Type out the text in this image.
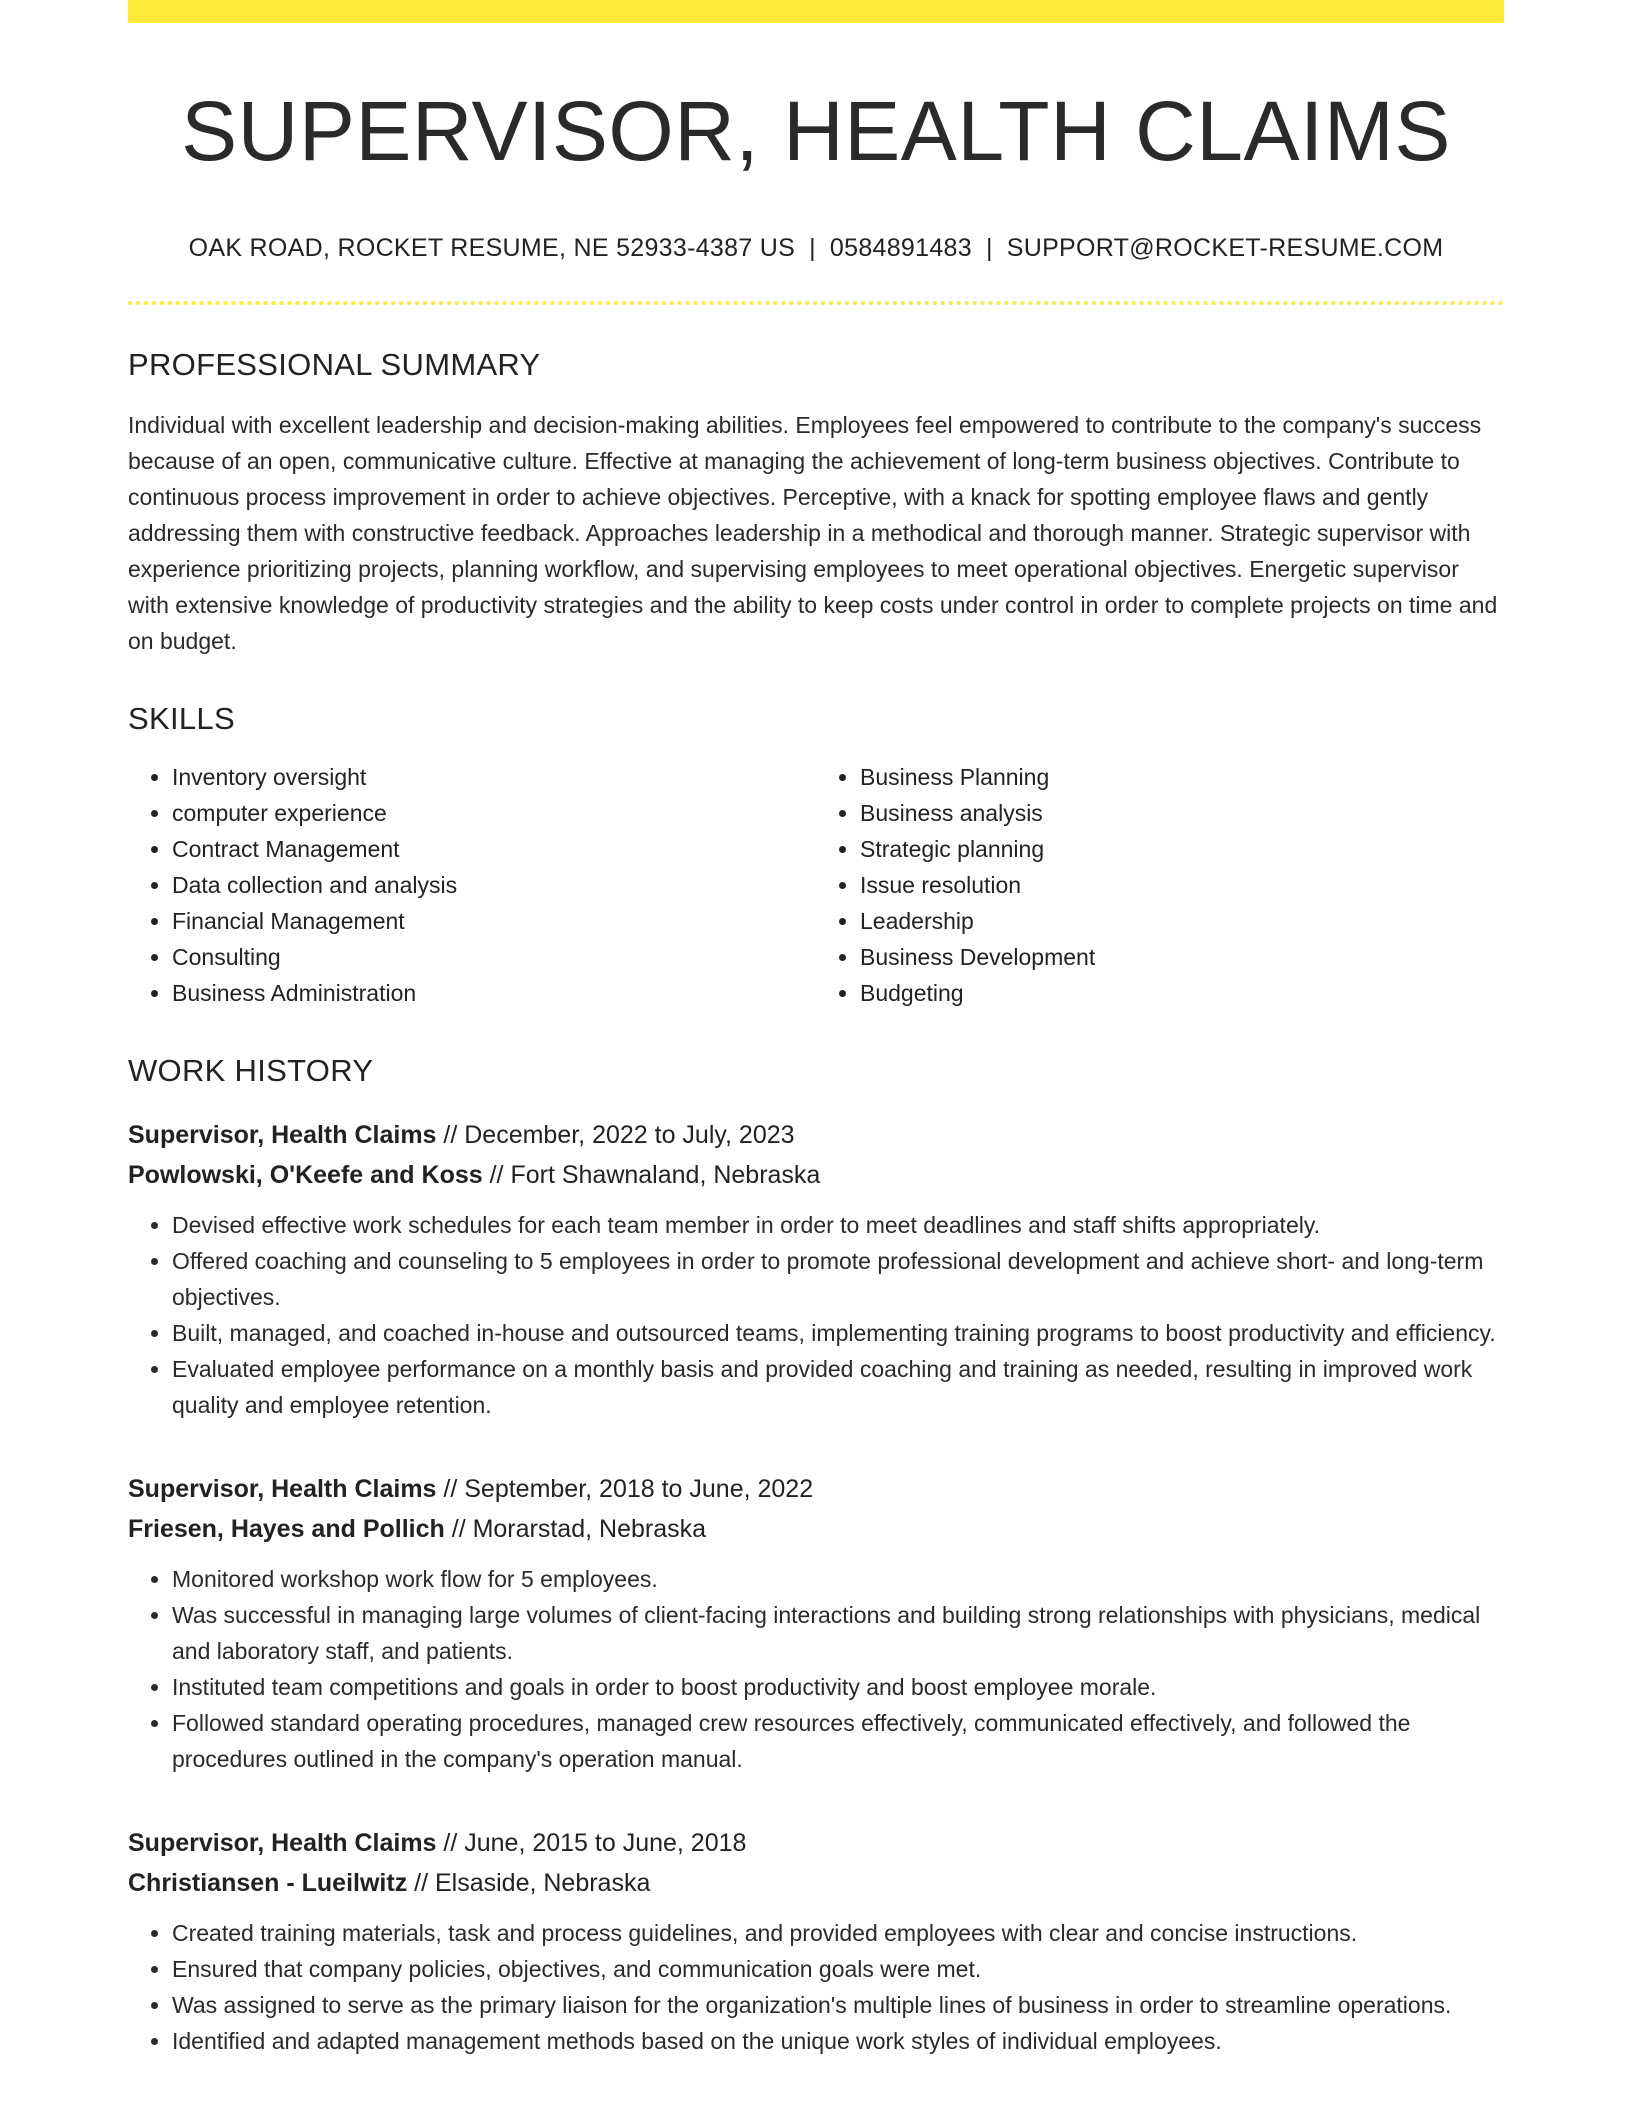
SUPERVISOR, HEALTH CLAIMS
OAK ROAD, ROCKET RESUME, NE 52933-4387 US | 0584891483 | SUPPORT@ROCKET-RESUME.COM
PROFESSIONAL SUMMARY

Individual with excellent leadership and decision-making abilities. Employees feel empowered to contribute to the company's success because of an open, communicative culture. Effective at managing the achievement of long-term business objectives. Contribute to continuous process improvement in order to achieve objectives. Perceptive, with a knack for spotting employee flaws and gently addressing them with constructive feedback. Approaches leadership in a methodical and thorough manner. Strategic supervisor with experience prioritizing projects, planning workflow, and supervising employees to meet operational objectives. Energetic supervisor with extensive knowledge of productivity strategies and the ability to keep costs under control in order to complete projects on time and on budget.

SKILLS
• Inventory oversight
• computer experience
• Contract Management
• Data collection and analysis
• Financial Management
• Consulting
• Business Administration
• Business Planning
• Business analysis
• Strategic planning
• Issue resolution
• Leadership
• Business Development
• Budgeting
WORK HISTORY
Supervisor, Health Claims // December, 2022 to July, 2023
Powlowski, O'Keefe and Koss // Fort Shawnaland, Nebraska
• Devised effective work schedules for each team member in order to meet deadlines and staff shifts appropriately.
• Offered coaching and counseling to 5 employees in order to promote professional development and achieve short- and long-term objectives.
• Built, managed, and coached in-house and outsourced teams, implementing training programs to boost productivity and efficiency.
• Evaluated employee performance on a monthly basis and provided coaching and training as needed, resulting in improved work quality and employee retention.
Supervisor, Health Claims // September, 2018 to June, 2022
Friesen, Hayes and Pollich // Morarstad, Nebraska
• Monitored workshop work flow for 5 employees.
• Was successful in managing large volumes of client-facing interactions and building strong relationships with physicians, medical and laboratory staff, and patients.
• Instituted team competitions and goals in order to boost productivity and boost employee morale.
• Followed standard operating procedures, managed crew resources effectively, communicated effectively, and followed the procedures outlined in the company's operation manual.
Supervisor, Health Claims // June, 2015 to June, 2018
Christiansen - Lueilwitz // Elsaside, Nebraska
• Created training materials, task and process guidelines, and provided employees with clear and concise instructions.
• Ensured that company policies, objectives, and communication goals were met.
• Was assigned to serve as the primary liaison for the organization's multiple lines of business in order to streamline operations.
• Identified and adapted management methods based on the unique work styles of individual employees.
